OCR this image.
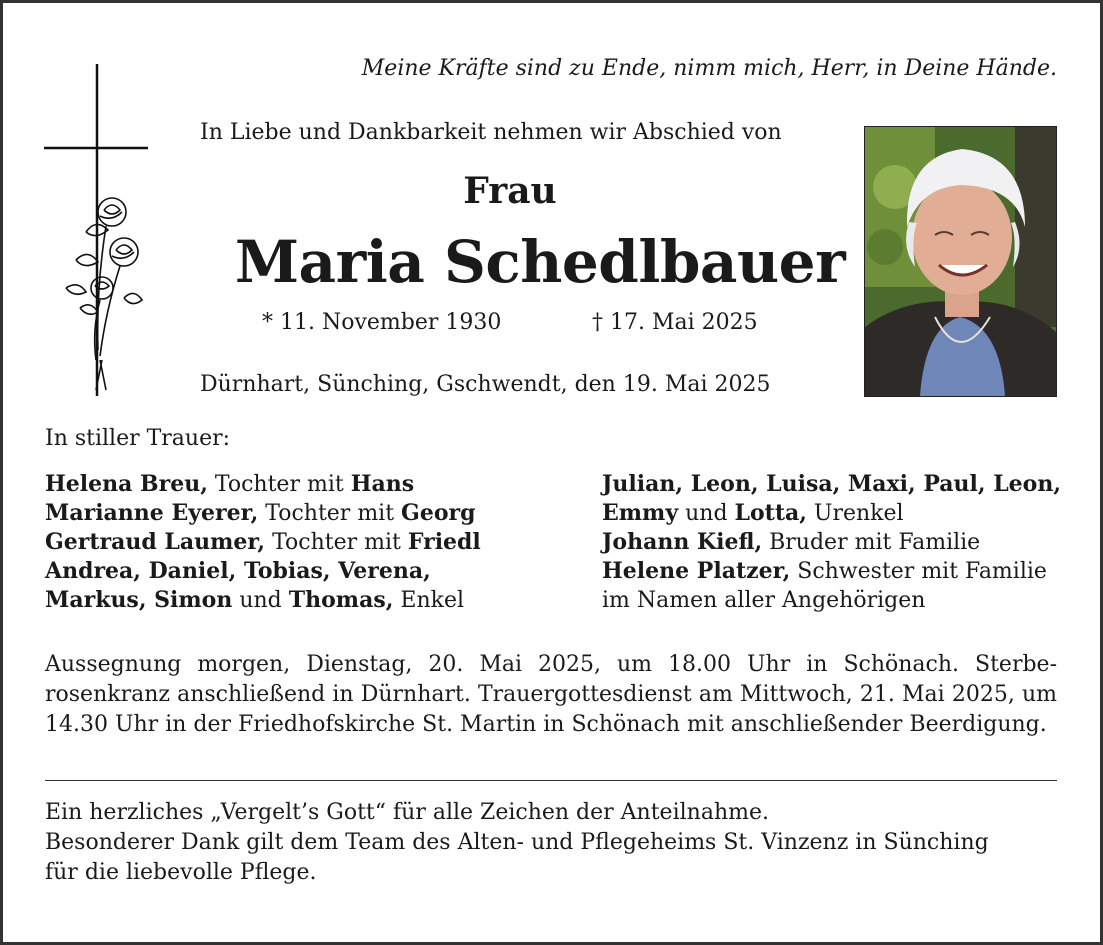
Meine Kräfte sind zu Ende, nimm mich, Herr, in Deine Hände.
In Liebe und Dankbarkeit nehmen wir Abschied von
Frau
Maria Schedlbauer
* 11. November 1930	† 17. Mai 2025
Dürnhart, Sünching, Gschwendt, den 19. Mai 2025
In stiller Trauer:
Helena Breu, Tochter mit Hans
Marianne Eyerer, Tochter mit Georg
Gertraud Laumer, Tochter mit Friedl
Andrea, Daniel, Tobias, Verena,
Markus, Simon und Thomas, Enkel
Julian, Leon, Luisa, Maxi, Paul, Leon,
Emmy und Lotta, Urenkel
Johann Kiefl, Bruder mit Familie
Helene Platzer, Schwester mit Familie
im Namen aller Angehörigen
Aussegnung morgen, Dienstag, 20. Mai 2025, um 18.00 Uhr in Schönach. Sterberosenkranz anschließend in Dürnhart. Trauergottesdienst am Mittwoch, 21. Mai 2025, um 14.30 Uhr in der Friedhofskirche St. Martin in Schönach mit anschließender Beerdigung.
Ein herzliches „Vergelt’s Gott“ für alle Zeichen der Anteilnahme.
Besonderer Dank gilt dem Team des Alten- und Pflegeheims St. Vinzenz in Sünching
für die liebevolle Pflege.
